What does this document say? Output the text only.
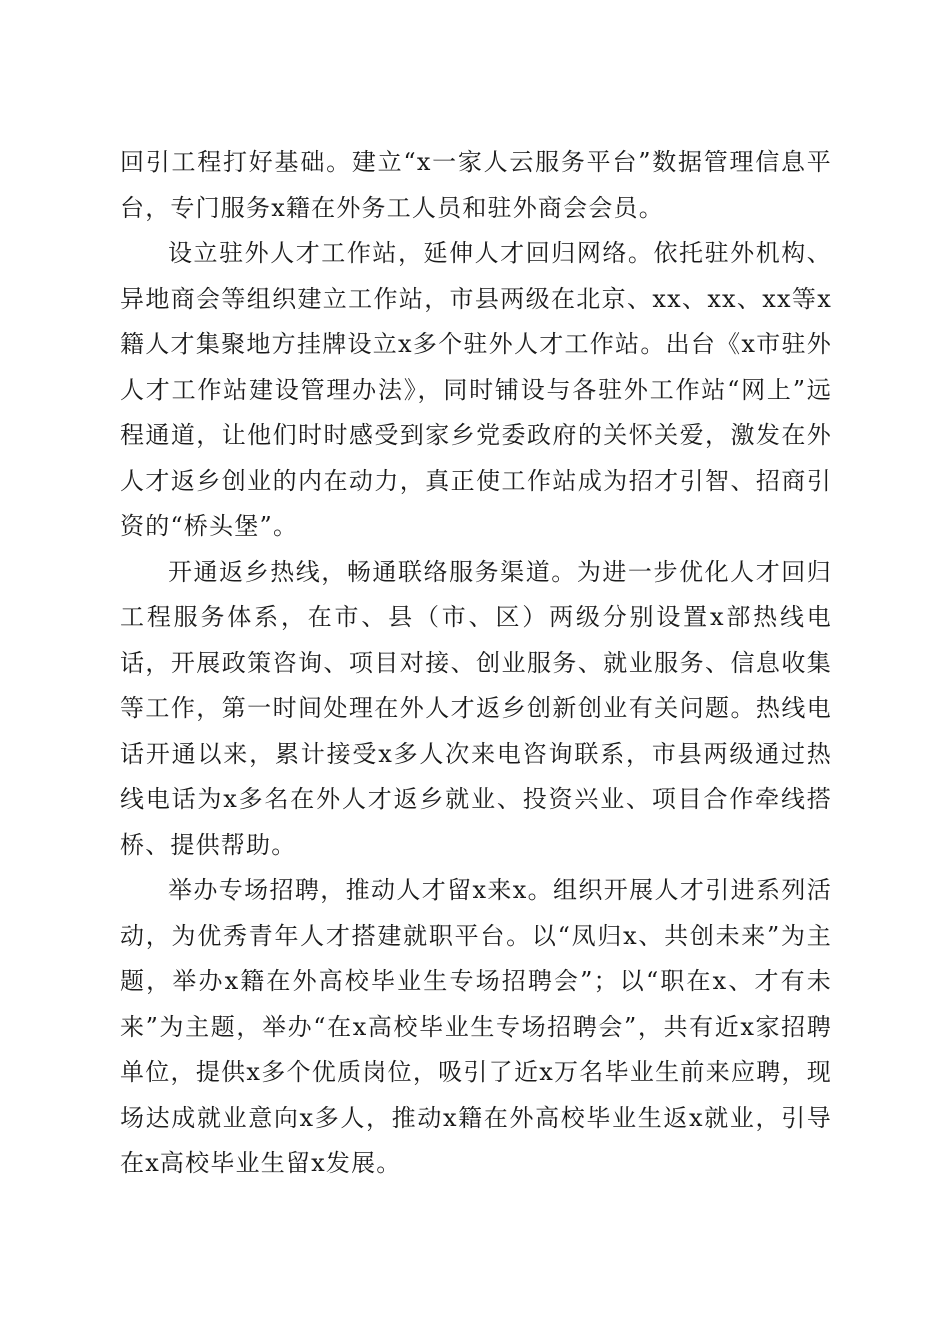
回引工程打好基础。建立“x一家人云服务平台”数据管理信息平台，专门服务x籍在外务工人员和驻外商会会员。

设立驻外人才工作站，延伸人才回归网络。依托驻外机构、异地商会等组织建立工作站，市县两级在北京、xx、xx、xx等x籍人才集聚地方挂牌设立x多个驻外人才工作站。出台《x市驻外人才工作站建设管理办法》，同时铺设与各驻外工作站“网上”远程通道，让他们时时感受到家乡党委政府的关怀关爱，激发在外人才返乡创业的内在动力，真正使工作站成为招才引智、招商引资的“桥头堡”。

开通返乡热线，畅通联络服务渠道。为进一步优化人才回归工程服务体系，在市、县（市、区）两级分别设置x部热线电话，开展政策咨询、项目对接、创业服务、就业服务、信息收集等工作，第一时间处理在外人才返乡创新创业有关问题。热线电话开通以来，累计接受x多人次来电咨询联系，市县两级通过热线电话为x多名在外人才返乡就业、投资兴业、项目合作牵线搭桥、提供帮助。

举办专场招聘，推动人才留x来x。组织开展人才引进系列活动，为优秀青年人才搭建就职平台。以“凤归x、共创未来”为主题，举办x籍在外高校毕业生专场招聘会”；以“职在x、才有未来”为主题，举办“在x高校毕业生专场招聘会”，共有近x家招聘单位，提供x多个优质岗位，吸引了近x万名毕业生前来应聘，现场达成就业意向x多人，推动x籍在外高校毕业生返x就业，引导在x高校毕业生留x发展。
